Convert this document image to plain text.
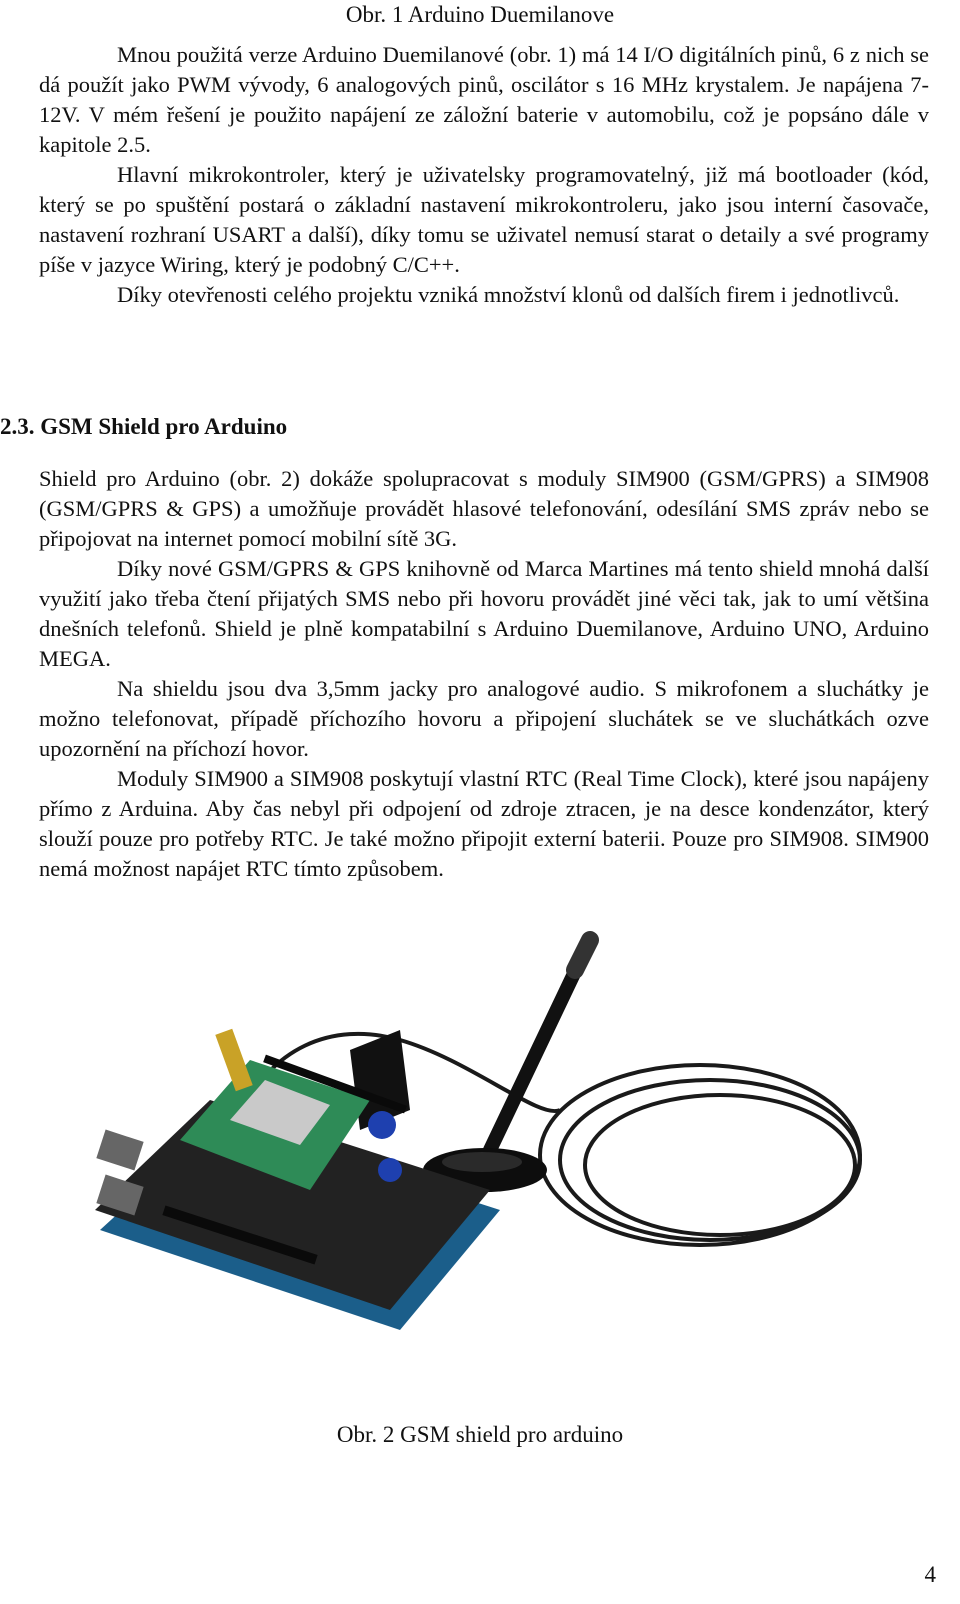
Obr. 1 Arduino Duemilanove

Mnou použitá verze Arduino Duemilanové (obr. 1) má 14 I/O digitálních pinů, 6 z nich se dá použít jako PWM vývody, 6 analogových pinů, oscilátor s 16 MHz krystalem. Je napájena 7-12V. V mém řešení je použito napájení ze záložní baterie v automobilu, což je popsáno dále v kapitole 2.5.

Hlavní mikrokontroler, který je uživatelsky programovatelný, již má bootloader (kód, který se po spuštění postará o základní nastavení mikrokontroleru, jako jsou interní časovače, nastavení rozhraní USART a další), díky tomu se uživatel nemusí starat o detaily a své programy píše v jazyce Wiring, který je podobný C/C++.

Díky otevřenosti celého projektu vzniká množství klonů od dalších firem i jednotlivců.

2.3. GSM Shield pro Arduino

Shield pro Arduino (obr. 2) dokáže spolupracovat s moduly SIM900 (GSM/GPRS) a SIM908 (GSM/GPRS & GPS) a umožňuje provádět hlasové telefonování, odesílání SMS zpráv nebo se připojovat na internet pomocí mobilní sítě 3G.

Díky nové GSM/GPRS & GPS knihovně od Marca Martines má tento shield mnohá další využití jako třeba čtení přijatých SMS nebo při hovoru provádět jiné věci tak, jak to umí většina dnešních telefonů. Shield je plně kompatabilní s Arduino Duemilanove, Arduino UNO, Arduino MEGA.

Na shieldu jsou dva 3,5mm jacky pro analogové audio. S mikrofonem a sluchátky je možno telefonovat, případě příchozího hovoru a připojení sluchátek se ve sluchátkách ozve upozornění na příchozí hovor.

Moduly SIM900 a SIM908 poskytují vlastní RTC (Real Time Clock), které jsou napájeny přímo z Arduina. Aby čas nebyl při odpojení od zdroje ztracen, je na desce kondenzátor, který slouží pouze pro potřeby RTC. Je také možno připojit externí baterii. Pouze pro SIM908. SIM900 nemá možnost napájet RTC tímto způsobem.

Obr. 2 GSM shield pro arduino
4
